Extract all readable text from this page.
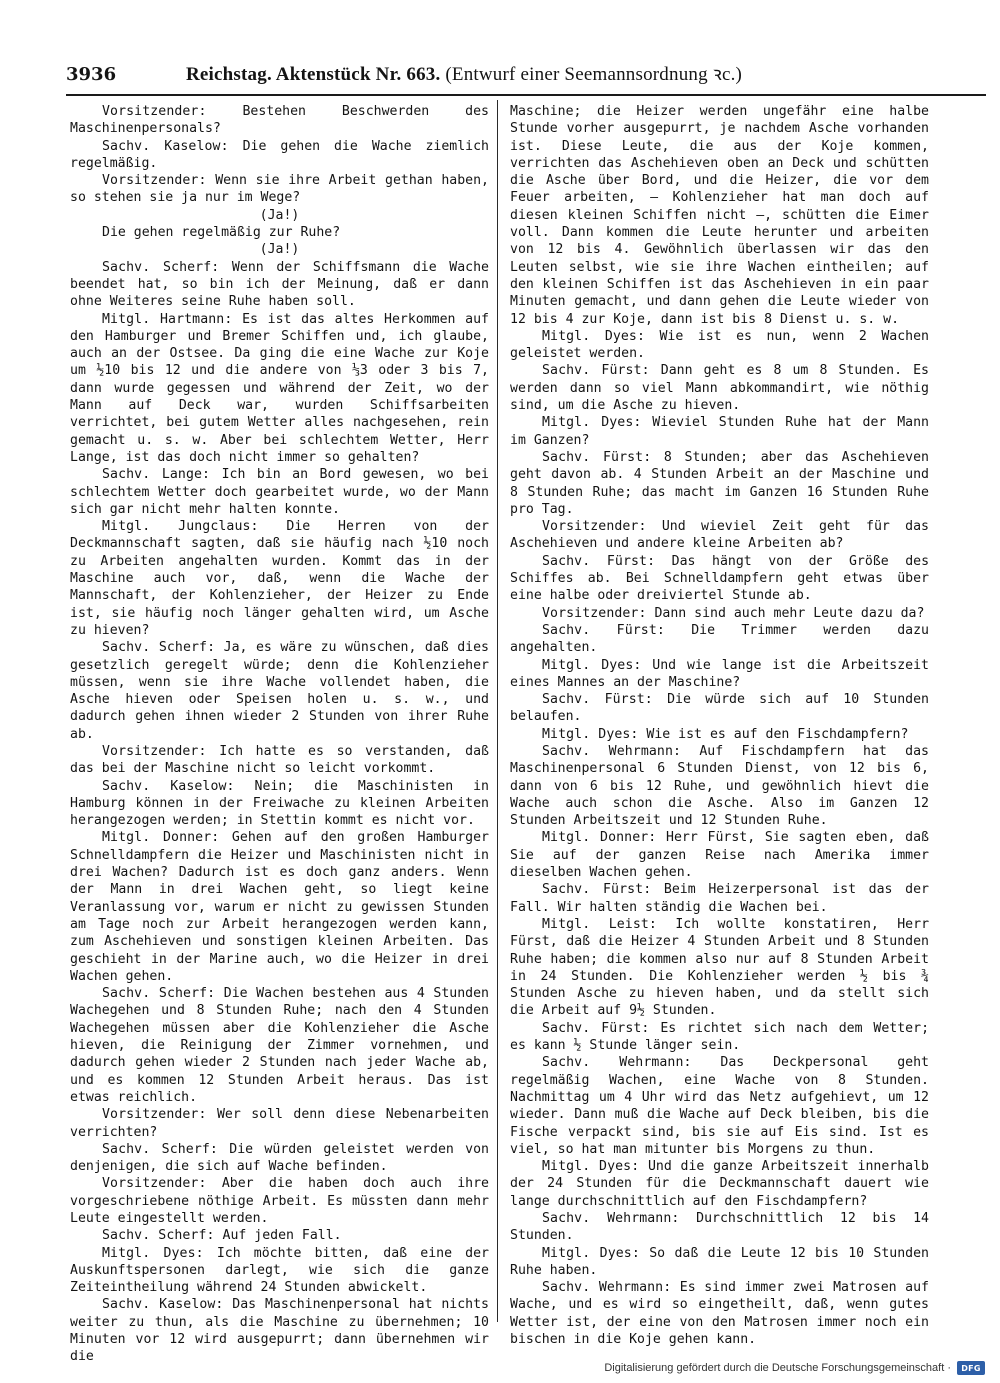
3936	Reichstag. Aktenstück Nr. 663. (Entwurf einer Seemannsordnung ꝛc.)

Vorsitzender: Bestehen Beschwerden des Maschinenpersonals?

Sachv. Kaselow: Die gehen die Wache ziemlich regelmäßig.

Vorsitzender: Wenn sie ihre Arbeit gethan haben, so stehen sie ja nur im Wege?

(Ja!)

Die gehen regelmäßig zur Ruhe?

(Ja!)

Sachv. Scherf: Wenn der Schiffsmann die Wache beendet hat, so bin ich der Meinung, daß er dann ohne Weiteres seine Ruhe haben soll.

Mitgl. Hartmann: Es ist das altes Herkommen auf den Hamburger und Bremer Schiffen und, ich glaube, auch an der Ostsee. Da ging die eine Wache zur Koje um ½10 bis 12 und die andere von ⅓3 oder 3 bis 7, dann wurde gegessen und während der Zeit, wo der Mann auf Deck war, wurden Schiffsarbeiten verrichtet, bei gutem Wetter alles nachgesehen, rein gemacht u. s. w. Aber bei schlechtem Wetter, Herr Lange, ist das doch nicht immer so gehalten?

Sachv. Lange: Ich bin an Bord gewesen, wo bei schlechtem Wetter doch gearbeitet wurde, wo der Mann sich gar nicht mehr halten konnte.

Mitgl. Jungclaus: Die Herren von der Deckmannschaft sagten, daß sie häufig nach ½10 noch zu Arbeiten angehalten wurden. Kommt das in der Maschine auch vor, daß, wenn die Wache der Mannschaft, der Kohlenzieher, der Heizer zu Ende ist, sie häufig noch länger gehalten wird, um Asche zu hieven?

Sachv. Scherf: Ja, es wäre zu wünschen, daß dies gesetzlich geregelt würde; denn die Kohlenzieher müssen, wenn sie ihre Wache vollendet haben, die Asche hieven oder Speisen holen u. s. w., und dadurch gehen ihnen wieder 2 Stunden von ihrer Ruhe ab.

Vorsitzender: Ich hatte es so verstanden, daß das bei der Maschine nicht so leicht vorkommt.

Sachv. Kaselow: Nein; die Maschinisten in Hamburg können in der Freiwache zu kleinen Arbeiten herangezogen werden; in Stettin kommt es nicht vor.

Mitgl. Donner: Gehen auf den großen Hamburger Schnelldampfern die Heizer und Maschinisten nicht in drei Wachen? Dadurch ist es doch ganz anders. Wenn der Mann in drei Wachen geht, so liegt keine Veranlassung vor, warum er nicht zu gewissen Stunden am Tage noch zur Arbeit herangezogen werden kann, zum Aschehieven und sonstigen kleinen Arbeiten. Das geschieht in der Marine auch, wo die Heizer in drei Wachen gehen.

Sachv. Scherf: Die Wachen bestehen aus 4 Stunden Wachegehen und 8 Stunden Ruhe; nach den 4 Stunden Wachegehen müssen aber die Kohlenzieher die Asche hieven, die Reinigung der Zimmer vornehmen, und dadurch gehen wieder 2 Stunden nach jeder Wache ab, und es kommen 12 Stunden Arbeit heraus. Das ist etwas reichlich.

Vorsitzender: Wer soll denn diese Nebenarbeiten verrichten?

Sachv. Scherf: Die würden geleistet werden von denjenigen, die sich auf Wache befinden.

Vorsitzender: Aber die haben doch auch ihre vorgeschriebene nöthige Arbeit. Es müssten dann mehr Leute eingestellt werden.

Sachv. Scherf: Auf jeden Fall.

Mitgl. Dyes: Ich möchte bitten, daß eine der Auskunftspersonen darlegt, wie sich die ganze Zeiteintheilung während 24 Stunden abwickelt.

Sachv. Kaselow: Das Maschinenpersonal hat nichts weiter zu thun, als die Maschine zu übernehmen; 10 Minuten vor 12 wird ausgepurrt; dann übernehmen wir die

Maschine; die Heizer werden ungefähr eine halbe Stunde vorher ausgepurrt, je nachdem Asche vorhanden ist. Diese Leute, die aus der Koje kommen, verrichten das Aschehieven oben an Deck und schütten die Asche über Bord, und die Heizer, die vor dem Feuer arbeiten, — Kohlenzieher hat man doch auf diesen kleinen Schiffen nicht —, schütten die Eimer voll. Dann kommen die Leute herunter und arbeiten von 12 bis 4. Gewöhnlich überlassen wir das den Leuten selbst, wie sie ihre Wachen eintheilen; auf den kleinen Schiffen ist das Aschehieven in ein paar Minuten gemacht, und dann gehen die Leute wieder von 12 bis 4 zur Koje, dann ist bis 8 Dienst u. s. w.

Mitgl. Dyes: Wie ist es nun, wenn 2 Wachen geleistet werden.

Sachv. Fürst: Dann geht es 8 um 8 Stunden. Es werden dann so viel Mann abkommandirt, wie nöthig sind, um die Asche zu hieven.

Mitgl. Dyes: Wieviel Stunden Ruhe hat der Mann im Ganzen?

Sachv. Fürst: 8 Stunden; aber das Aschehieven geht davon ab. 4 Stunden Arbeit an der Maschine und 8 Stunden Ruhe; das macht im Ganzen 16 Stunden Ruhe pro Tag.

Vorsitzender: Und wieviel Zeit geht für das Aschehieven und andere kleine Arbeiten ab?

Sachv. Fürst: Das hängt von der Größe des Schiffes ab. Bei Schnelldampfern geht etwas über eine halbe oder dreiviertel Stunde ab.

Vorsitzender: Dann sind auch mehr Leute dazu da?

Sachv. Fürst: Die Trimmer werden dazu angehalten.

Mitgl. Dyes: Und wie lange ist die Arbeitszeit eines Mannes an der Maschine?

Sachv. Fürst: Die würde sich auf 10 Stunden belaufen.

Mitgl. Dyes: Wie ist es auf den Fischdampfern?

Sachv. Wehrmann: Auf Fischdampfern hat das Maschinenpersonal 6 Stunden Dienst, von 12 bis 6, dann von 6 bis 12 Ruhe, und gewöhnlich hievt die Wache auch schon die Asche. Also im Ganzen 12 Stunden Arbeitszeit und 12 Stunden Ruhe.

Mitgl. Donner: Herr Fürst, Sie sagten eben, daß Sie auf der ganzen Reise nach Amerika immer dieselben Wachen gehen.

Sachv. Fürst: Beim Heizerpersonal ist das der Fall. Wir halten ständig die Wachen bei.

Mitgl. Leist: Ich wollte konstatiren, Herr Fürst, daß die Heizer 4 Stunden Arbeit und 8 Stunden Ruhe haben; die kommen also nur auf 8 Stunden Arbeit in 24 Stunden. Die Kohlenzieher werden ½ bis ¾ Stunden Asche zu hieven haben, und da stellt sich die Arbeit auf 9½ Stunden.

Sachv. Fürst: Es richtet sich nach dem Wetter; es kann ½ Stunde länger sein.

Sachv. Wehrmann: Das Deckpersonal geht regelmäßig Wachen, eine Wache von 8 Stunden. Nachmittag um 4 Uhr wird das Netz aufgehievt, um 12 wieder. Dann muß die Wache auf Deck bleiben, bis die Fische verpackt sind, bis sie auf Eis sind. Ist es viel, so hat man mitunter bis Morgens zu thun.

Mitgl. Dyes: Und die ganze Arbeitszeit innerhalb der 24 Stunden für die Deckmannschaft dauert wie lange durchschnittlich auf den Fischdampfern?

Sachv. Wehrmann: Durchschnittlich 12 bis 14 Stunden.

Mitgl. Dyes: So daß die Leute 12 bis 10 Stunden Ruhe haben.

Sachv. Wehrmann: Es sind immer zwei Matrosen auf Wache, und es wird so eingetheilt, daß, wenn gutes Wetter ist, der eine von den Matrosen immer noch ein bischen in die Koje gehen kann.

Digitalisierung gefördert durch die Deutsche Forschungsgemeinschaft ·	DFG
